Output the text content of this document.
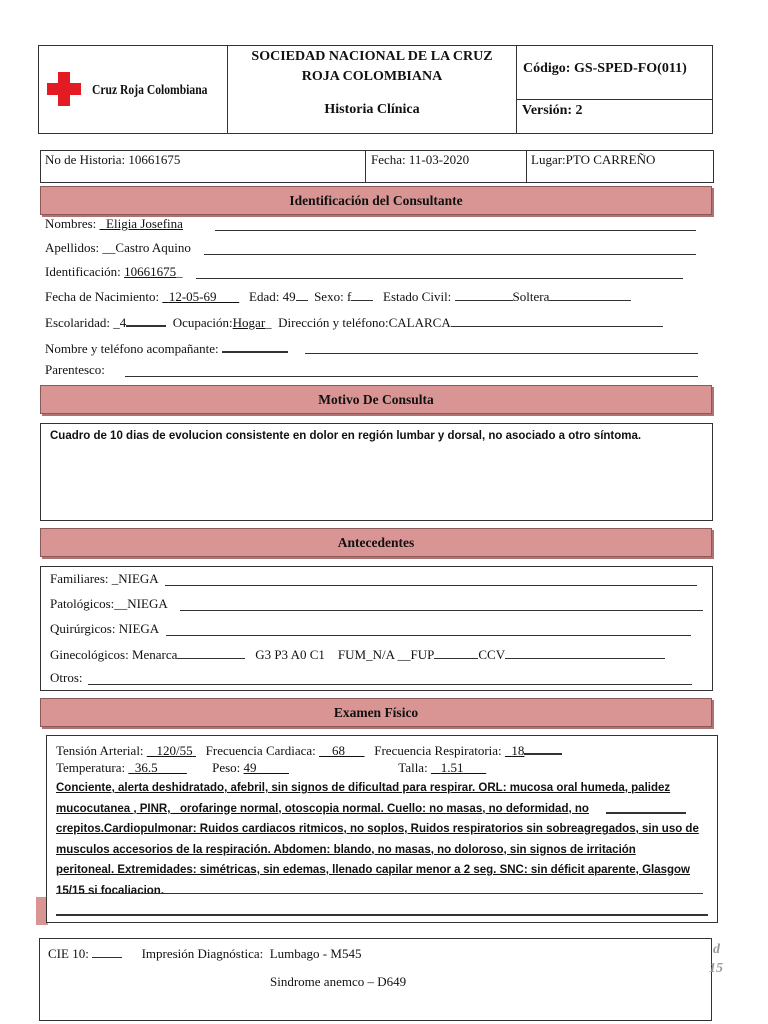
Cruz Roja Colombiana
SOCIEDAD NACIONAL DE LA CRUZ
ROJA COLOMBIANA
Historia Clínica
Código: GS-SPED-FO(011)
Versión: 2
No de Historia: 10661675	Fecha: 11-03-2020	Lugar:PTO CARREÑO
Identificación del Consultante
Nombres: Eligia Josefina
Apellidos: __Castro Aquino
Identificación: 10661675_
Fecha de Nacimiento: 12-05-69	Edad: 49 Sexo: f Estado Civil:	Soltera
Escolaridad: _4	Ocupación:Hogar_  Dirección y teléfono:CALARCA
Nombre y teléfono acompañante:
Parentesco:
Motivo De Consulta
Cuadro de 10 dias de evolucion consistente en dolor en región lumbar y dorsal, no asociado a otro síntoma.
Antecedentes
Familiares: _NIEGA
Patológicos:__NIEGA
Quirúrgicos: NIEGA
Ginecológicos: Menarca	G3 P3 A0 C1 FUM_N/A __FUP	CCV
Otros:
Examen Físico
Tensión Arterial: 120/55 Frecuencia Cardiaca: 68 Frecuencia Respiratoria: 18
Temperatura: 36.5	Peso: 49	Talla: 1.51
Conciente, alerta deshidratado, afebril, sin signos de dificultad para respirar. ORL: mucosa oral humeda, palidez
mucocutanea , PINR,_ orofaringe normal, otoscopia normal. Cuello: no masas, no deformidad, no
crepitos.Cardiopulmonar: Ruidos cardiacos ritmicos, no soplos, Ruidos respiratorios sin sobreagregados, sin uso de
musculos accesorios de la respiración. Abdomen: blando, no masas, no doloroso, sin signos de irritación
peritoneal. Extremidades: simétricas, sin edemas, llenado capilar menor a 2 seg. SNC: sin déficit aparente, Glasgow
15/15 si focaliacion.
CIE 10:	Impresión Diagnóstica: Lumbago - M545
Sindrome anemco – D649
d
15
